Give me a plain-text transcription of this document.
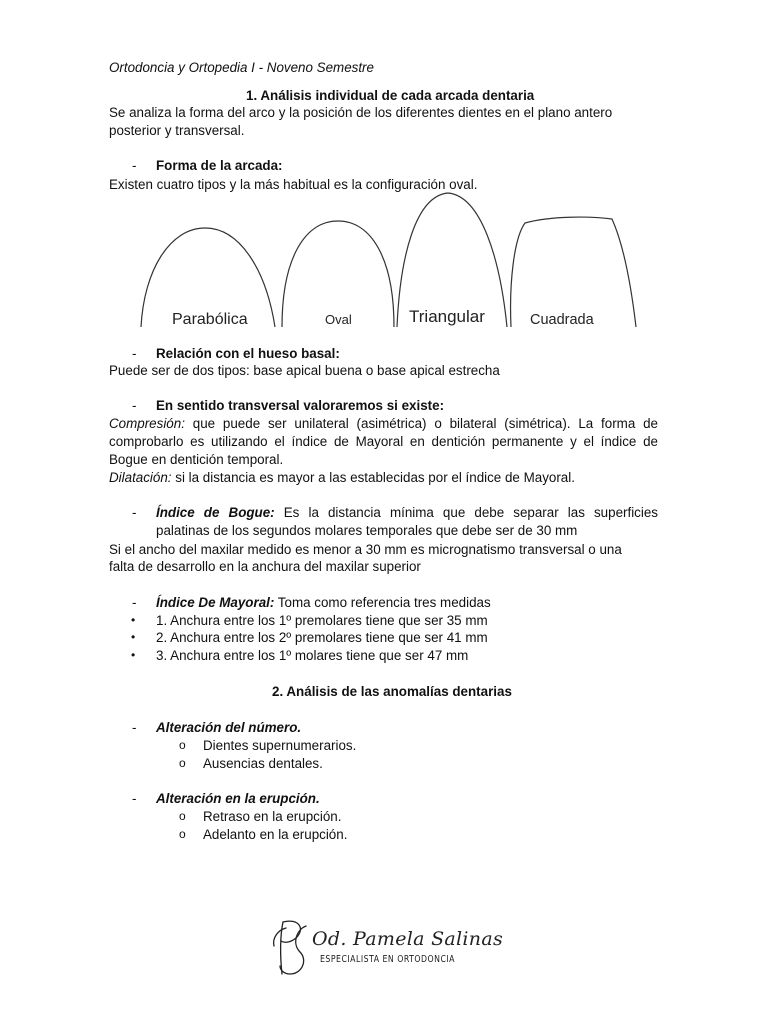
Ortodoncia y Ortopedia I - Noveno Semestre
1. Análisis individual de cada arcada dentaria
Se analiza la forma del arco y la posición de los diferentes dientes en el plano antero
posterior y transversal.
- Forma de la arcada:
Existen cuatro tipos y la más habitual es la configuración oval.
Parabólica	Oval	Triangular	Cuadrada
- Relación con el hueso basal:
Puede ser de dos tipos: base apical buena o base apical estrecha
- En sentido transversal valoraremos si existe:
Compresión: que puede ser unilateral (asimétrica) o bilateral (simétrica). La forma de
comprobarlo es utilizando el índice de Mayoral en dentición permanente y el índice de
Bogue en dentición temporal.
Dilatación: si la distancia es mayor a las establecidas por el índice de Mayoral.
- Índice de Bogue: Es la distancia mínima que debe separar las superficies
palatinas de los segundos molares temporales que debe ser de 30 mm
Si el ancho del maxilar medido es menor a 30 mm es micrognatismo transversal o una
falta de desarrollo en la anchura del maxilar superior
- Índice De Mayoral: Toma como referencia tres medidas
• 1. Anchura entre los 1º premolares tiene que ser 35 mm
• 2. Anchura entre los 2º premolares tiene que ser 41 mm
• 3. Anchura entre los 1º molares tiene que ser 47 mm
2. Análisis de las anomalías dentarias
- Alteración del número.
o Dientes supernumerarios.
o Ausencias dentales.
- Alteración en la erupción.
o Retraso en la erupción.
o Adelanto en la erupción.
Od. Pamela Salinas
ESPECIALISTA EN ORTODONCIA
